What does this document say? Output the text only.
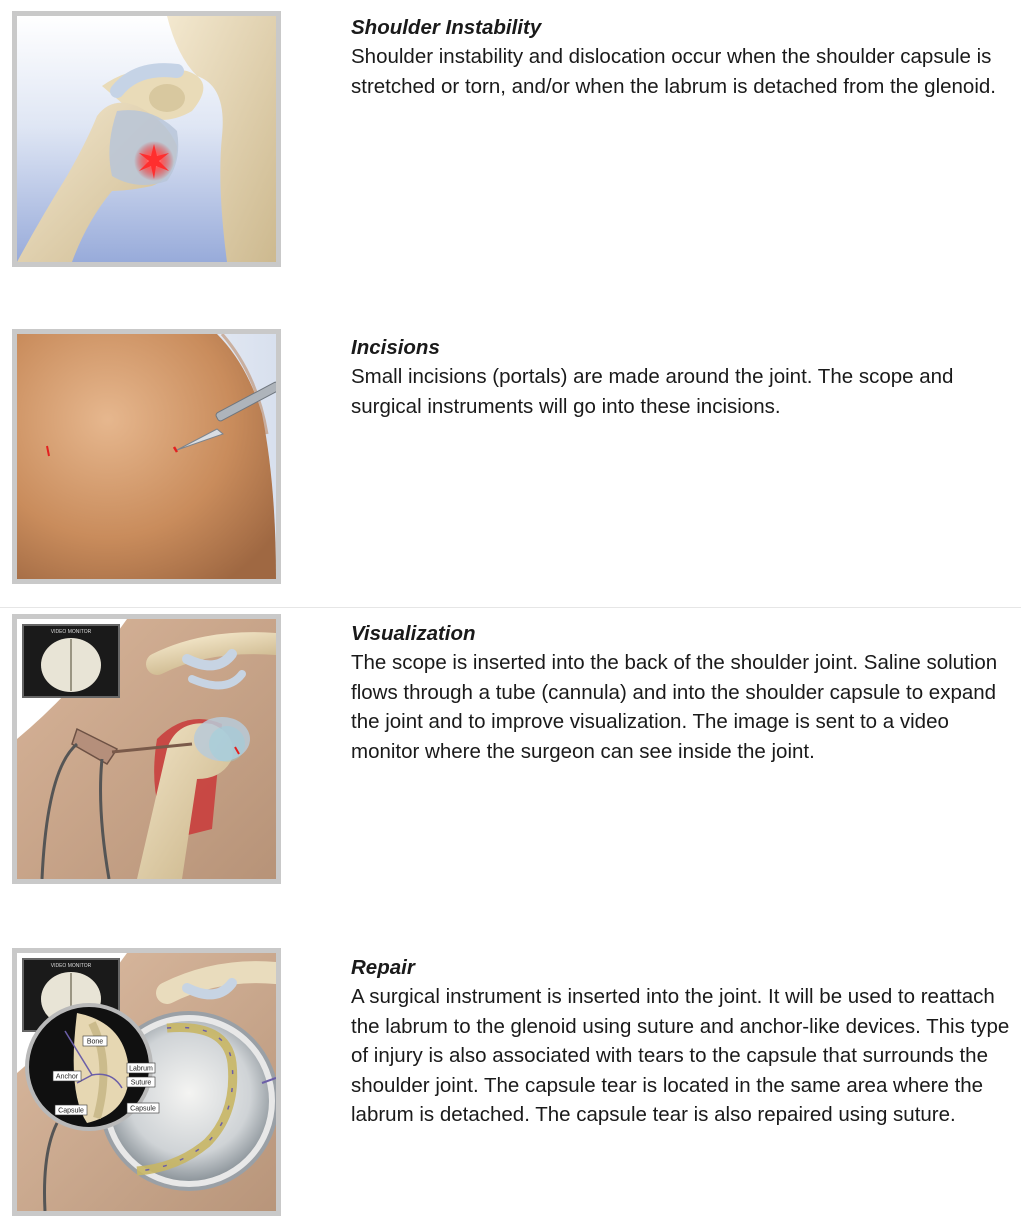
Shoulder Instability

Shoulder instability and dislocation occur when the shoulder capsule is stretched or torn, and/or when the labrum is detached from the glenoid.

Incisions

Small incisions (portals) are made around the joint. The scope and surgical instruments will go into these incisions.

VIDEO MONITOR	Visualization

The scope is inserted into the back of the shoulder joint. Saline solution flows through a tube (cannula) and into the shoulder capsule to expand the joint and to improve visualization. The image is sent to a video monitor where the surgeon can see inside the joint.

VIDEO MONITOR
Bone
Labrum
Anchor
Suture
Capsule	Capsule

Repair

A surgical instrument is inserted into the joint. It will be used to reattach the labrum to the glenoid using suture and anchor-like devices. This type of injury is also associated with tears to the capsule that surrounds the shoulder joint. The capsule tear is located in the same area where the labrum is detached. The capsule tear is also repaired using suture.
